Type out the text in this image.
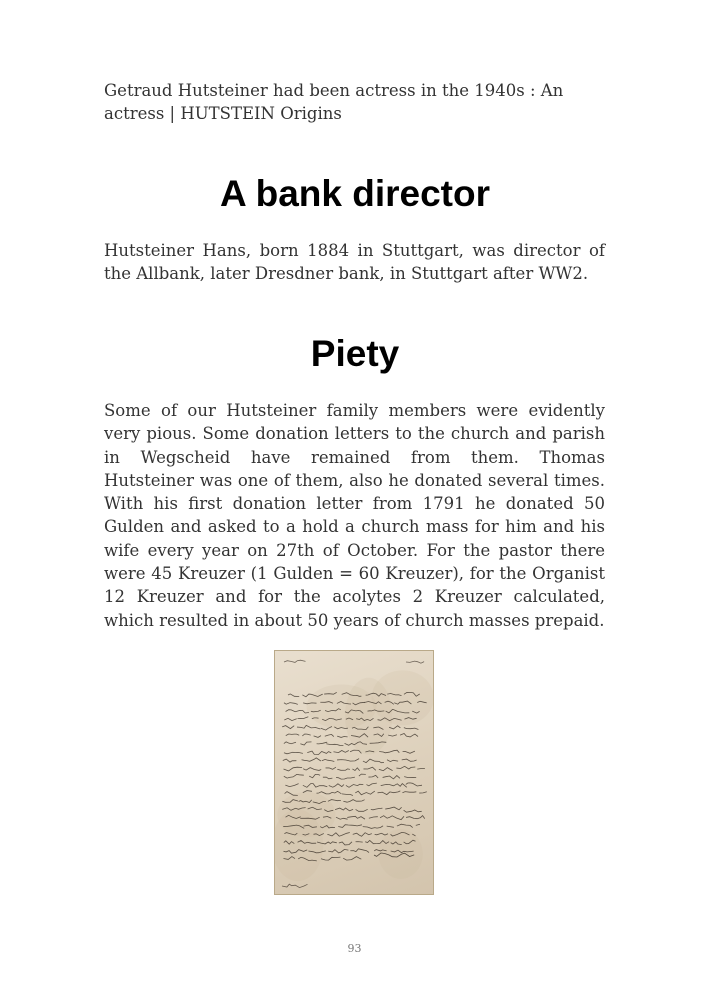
Getraud Hutsteiner had been actress in the 1940s : An actress | HUTSTEIN Origins

A bank director

Hutsteiner Hans, born 1884 in Stuttgart, was director of the Allbank, later Dresdner bank, in Stuttgart after WW2.

Piety

Some of our Hutsteiner family members were evidently very pious. Some donation letters to the church and parish in Wegscheid have remained from them. Thomas Hutsteiner was one of them, also he donated several times. With his first donation letter from 1791 he donated 50 Gulden and asked to a hold a church mass for him and his wife every year on 27th of October. For the pastor there were 45 Kreuzer (1 Gulden = 60 Kreuzer), for the Organist 12 Kreuzer and for the acolytes 2 Kreuzer calculated, which resulted in about 50 years of church masses prepaid.

93
